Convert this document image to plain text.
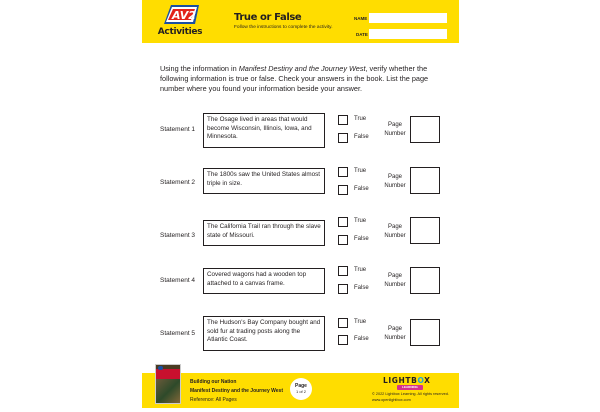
AV2
Activities
True or False
Follow the instructions to complete the activity.
NAME
DATE
Using the information in Manifest Destiny and the Journey West, verify whether the following information is true or false. Check your answers in the book. List the page number where you found your information beside your answer.
Statement 1
The Osage lived in areas that would become Wisconsin, Illinois, Iowa, and Minnesota.
True
False
Page Number
Statement 2
The 1800s saw the United States almost triple in size.
True
False
Page Number
Statement 3
The California Trail ran through the slave state of Missouri.
True
False
Page Number
Statement 4
Covered wagons had a wooden top attached to a canvas frame.
True
False
Page Number
Statement 5
The Hudson's Bay Company bought and sold fur at trading posts along the Atlantic Coast.
True
False
Page Number
Building our Nation
Manifest Destiny and the Journey West
Reference: All Pages
Page
1 of 2
LIGHTBOX
LEARNING
© 2022 Lightbox Learning. All rights reserved.
www.openlightbox.com
